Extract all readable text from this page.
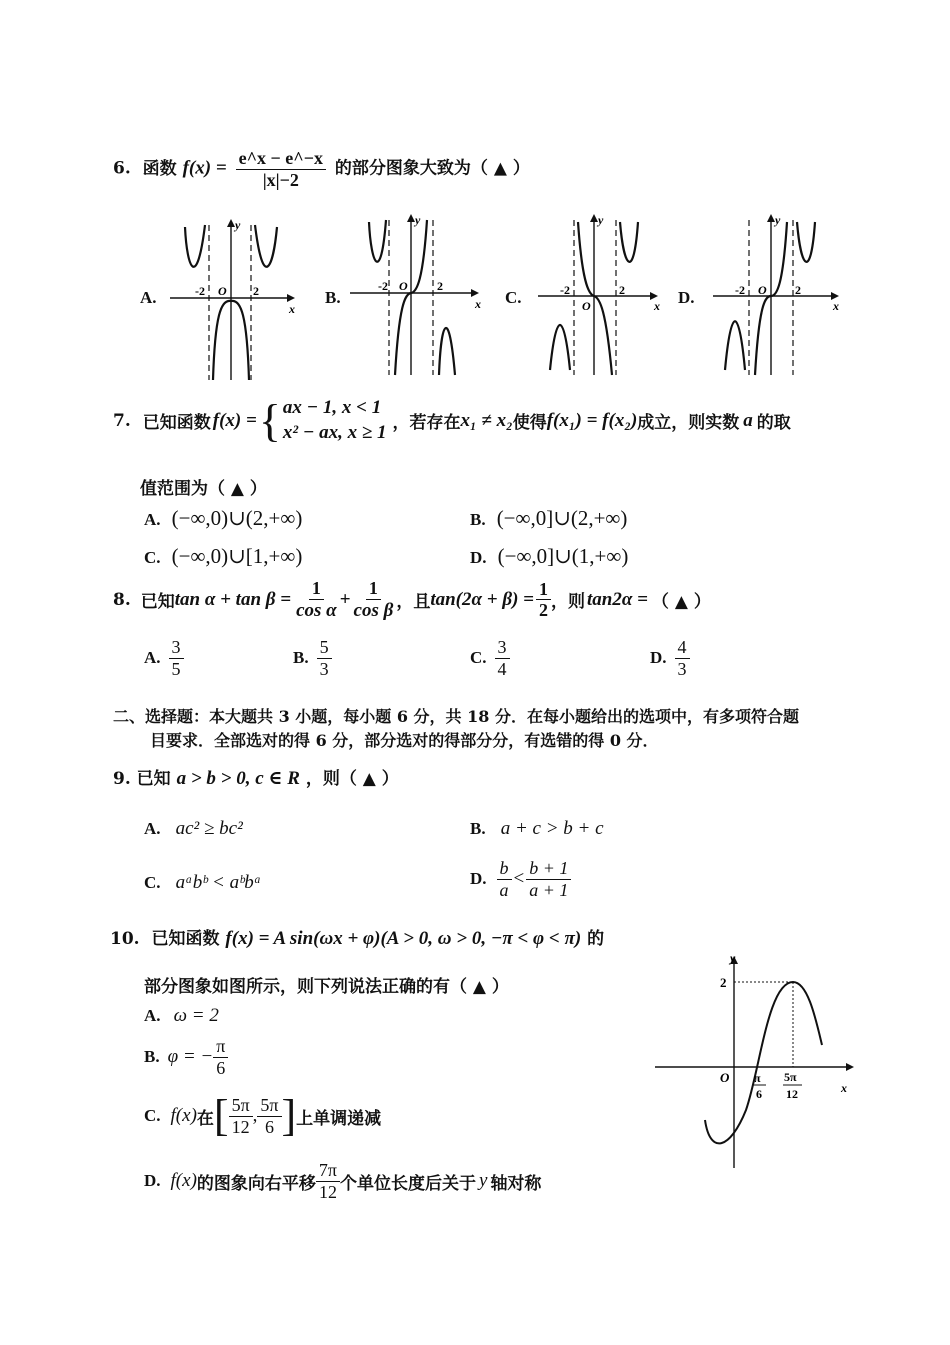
6. 函数 $f(x) = \frac{e\^{}x - e\^{}-x}{|x|-2}$ 的部分图象大致为（ ▲ ）
A.	B.	C.	D.
-2 O 2
x
y
-2 O 2
x
y
-2
O
2
x
y
-2 O 2
x
y
7. 已知函数 f(x) = { ax − 1, x < 1
x² − ax, x ≥ 1 ，若存在 x₁ ≠ x₂ 使得 f(x₁) = f(x₂) 成立，则实数 a 的取
值范围为（ ▲ ）
A. (−∞,0)∪(2,+∞)	B. (−∞,0]∪(2,+∞)
C. (−∞,0)∪[1,+∞)	D. (−∞,0]∪(1,+∞)
8. 已知 $\tan \alpha + \tan \beta = \frac{1}{\text{cos α}} + \frac{1}{\text{cos β}}$ ，且 $\tan(2\alpha + \beta) = \frac{1}{2}$ ，则 tan2α = （ ▲ ）
A. $\frac{3}{5}$	B. $\frac{5}{3}$	C. $\frac{3}{4}$	D. $\frac{4}{3}$
二、选择题：本大题共 3 小题，每小题 6 分，共 18 分．在每小题给出的选项中，有多项符合题
目要求．全部选对的得 6 分，部分选对的得部分分，有选错的得 0 分．
9. 已知 a > b > 0, c ∈ R ，则（ ▲ ）
A. ac² ≥ bc²	B. a + c > b + c
C. aᵃbᵇ < aᵇbᵃ	D. $\frac{b}{a} < \frac{b + 1}{a + 1}$
10. 已知函数 f(x) = A sin(ωx + φ)(A > 0, ω > 0, −π < φ < π) 的
部分图象如图所示，则下列说法正确的有（ ▲ ）
A. ω = 2
B. φ = − $\frac{\pi}{6}$
C. f(x) 在 [ $\frac{5\pi}{12}$ , $\frac{5\pi}{6}$ ] 上单调递减
D. f(x) 的图象向右平移 $\frac{7\pi}{12}$ 个单位长度后关于 y 轴对称
y
2
O π
6
5π
12	x
